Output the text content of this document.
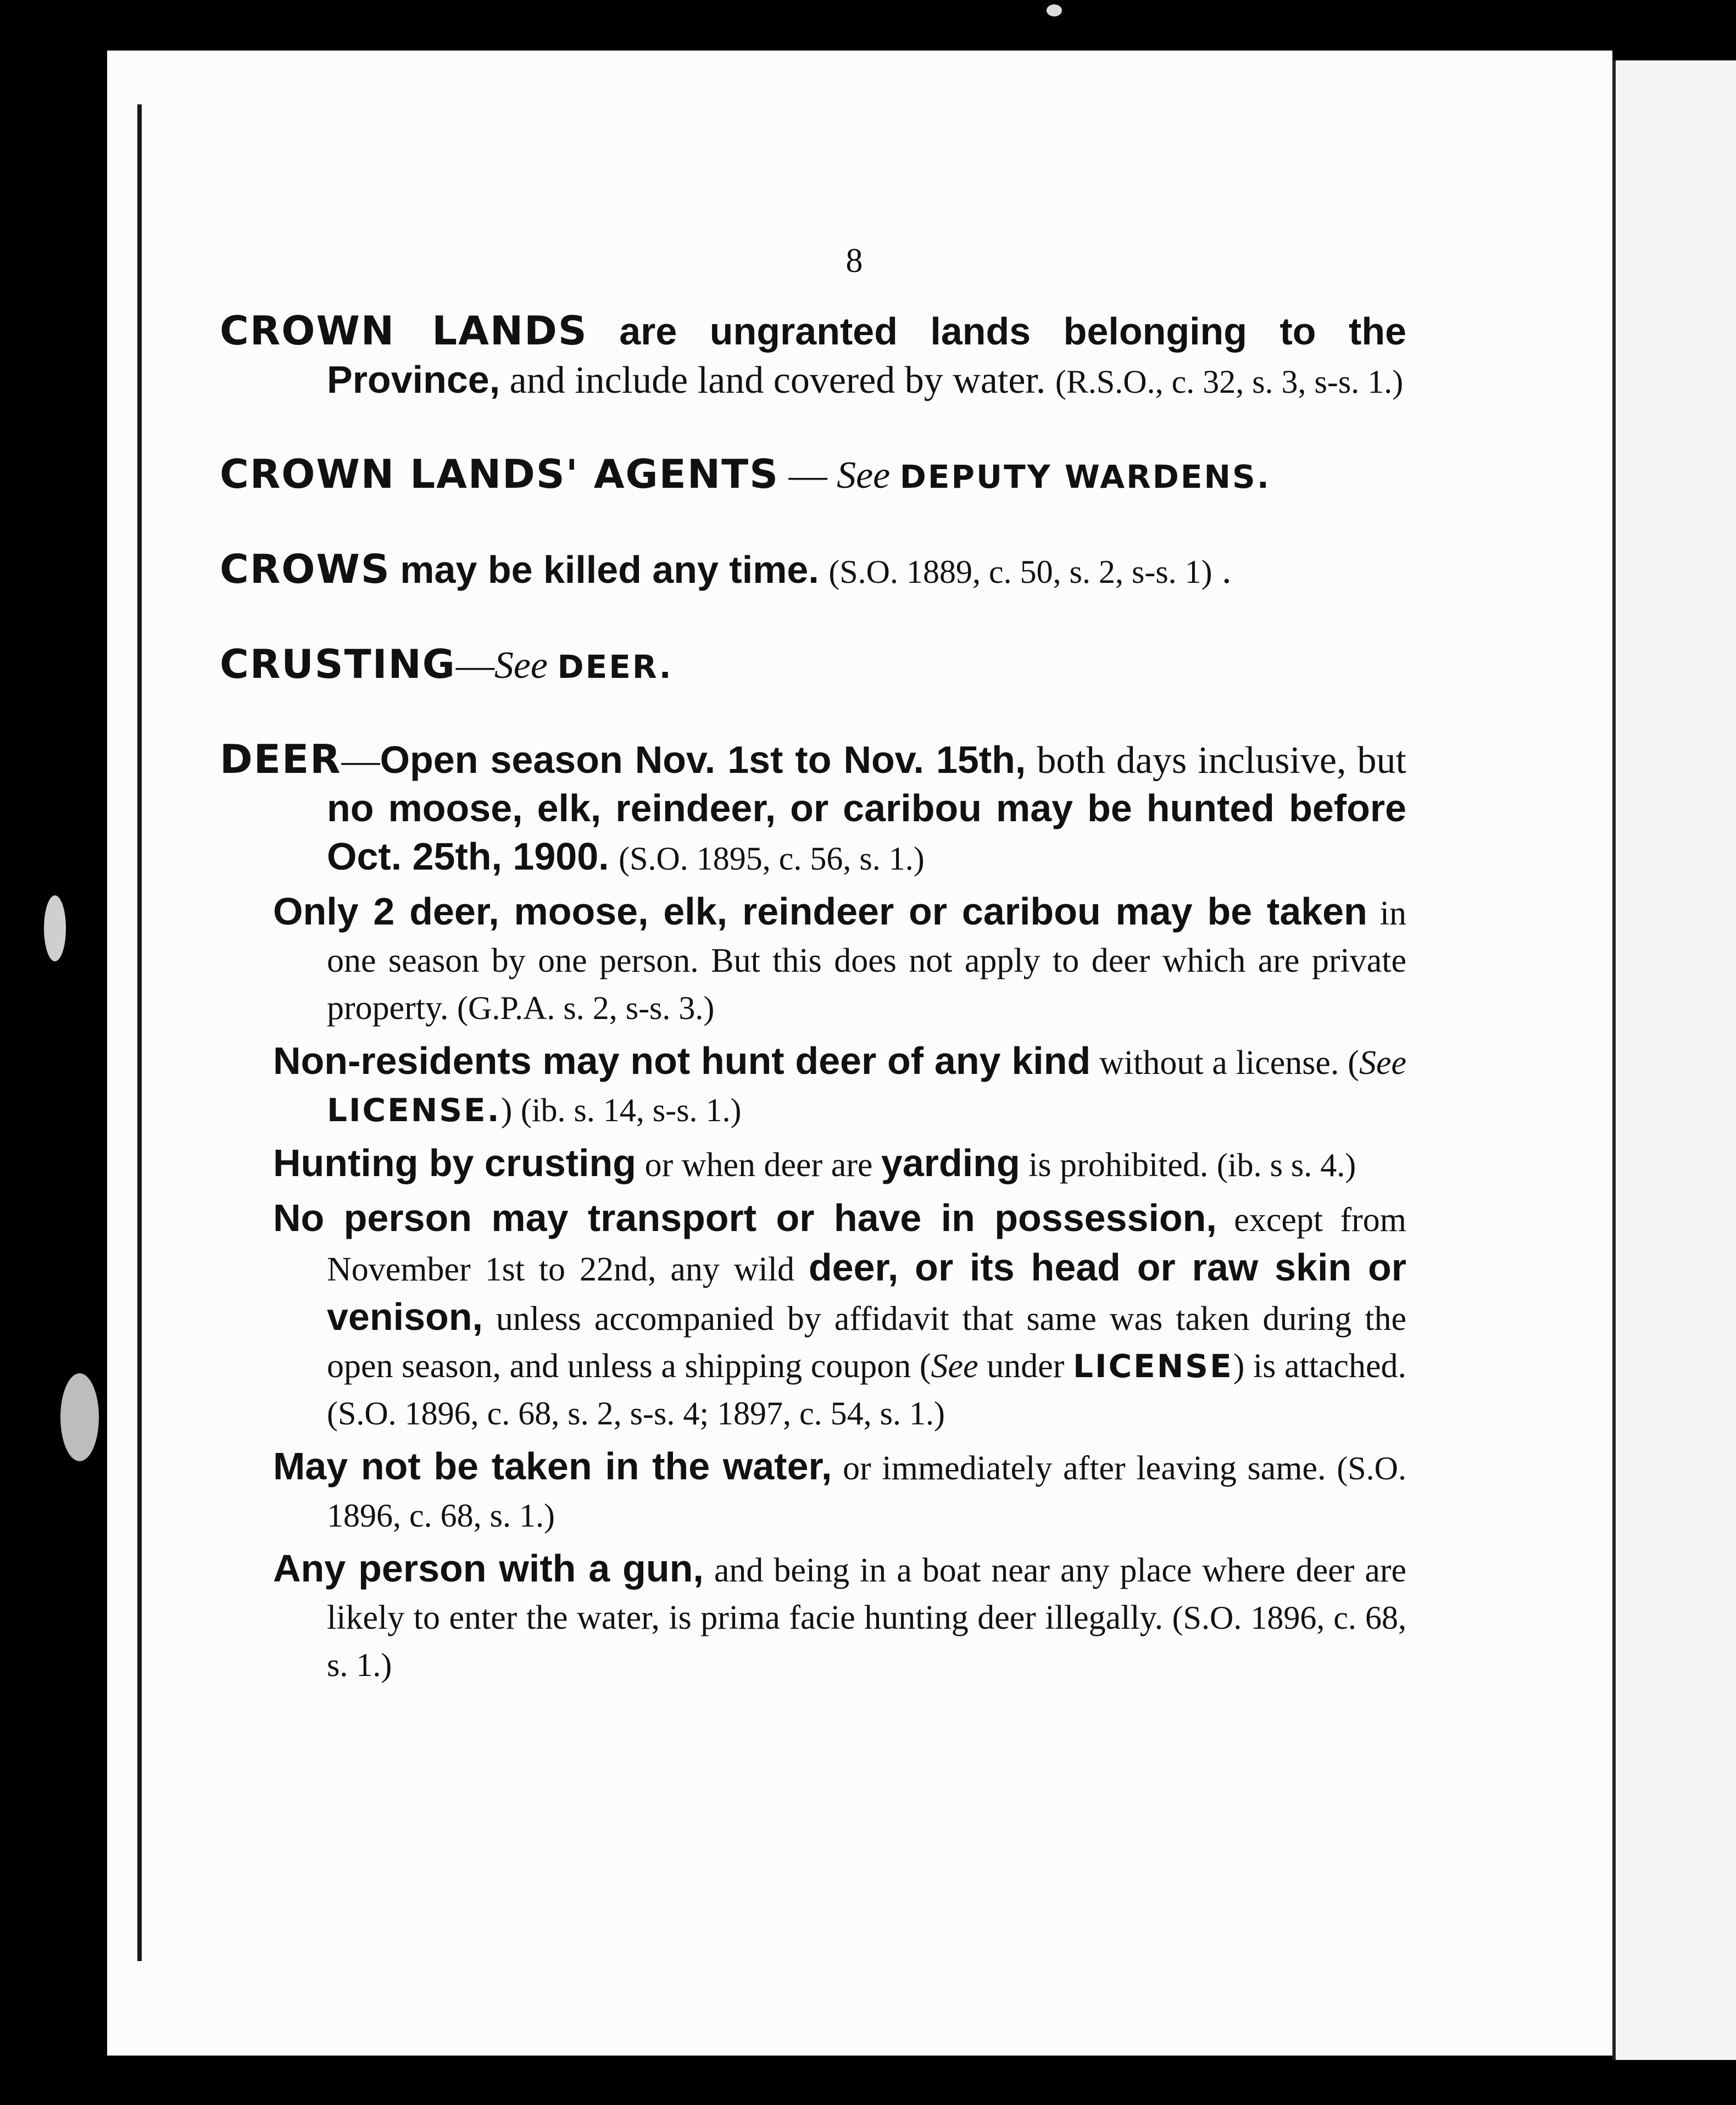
8
CROWN LANDS are ungranted lands belonging to the Province, and include land covered by water. (R.S.O., c. 32, s. 3, s-s. 1.)
CROWN LANDS' AGENTS — See DEPUTY WARDENS.
CROWS may be killed any time. (S.O. 1889, c. 50, s. 2, s-s. 1) .
CRUSTING—See DEER.
DEER—Open season Nov. 1st to Nov. 15th, both days inclusive, but no moose, elk, reindeer, or caribou may be hunted before Oct. 25th, 1900. (S.O. 1895, c. 56, s. 1.)
Only 2 deer, moose, elk, reindeer or caribou may be taken in one season by one person. But this does not apply to deer which are private property. (G.P.A. s. 2, s-s. 3.)
Non-residents may not hunt deer of any kind without a license. (See LICENSE.) (ib. s. 14, s-s. 1.)
Hunting by crusting or when deer are yarding is prohibited. (ib. s s. 4.)
No person may transport or have in possession, except from November 1st to 22nd, any wild deer, or its head or raw skin or venison, unless accompanied by affidavit that same was taken during the open season, and unless a shipping coupon (See under LICENSE) is attached. (S.O. 1896, c. 68, s. 2, s-s. 4; 1897, c. 54, s. 1.)
May not be taken in the water, or immediately after leaving same. (S.O. 1896, c. 68, s. 1.)
Any person with a gun, and being in a boat near any place where deer are likely to enter the water, is prima facie hunting deer illegally. (S.O. 1896, c. 68, s. 1.)
